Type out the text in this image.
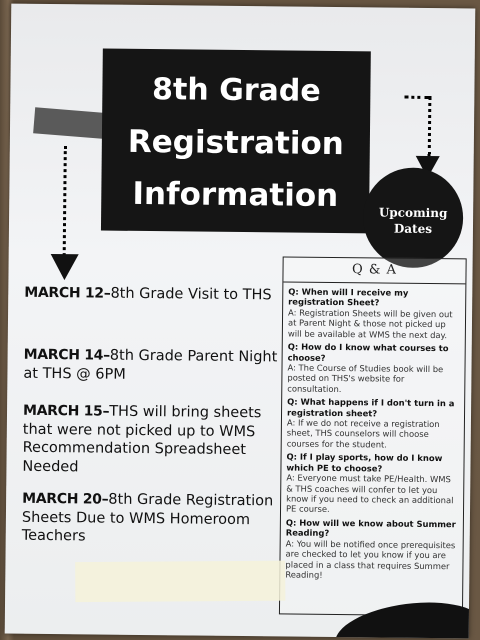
8th Grade
Registration
Information	Upcoming
Dates
MARCH 12–8th Grade Visit to THS
MARCH 14–8th Grade Parent Night at THS @ 6PM
MARCH 15–THS will bring sheets that were not picked up to WMS Recommendation Spreadsheet Needed
MARCH 20–8th Grade Registration Sheets Due to WMS Homeroom Teachers
Q & A
Q: When will I receive my registration Sheet?
A: Registration Sheets will be given out at Parent Night & those not picked up will be available at WMS the next day.
Q: How do I know what courses to choose?
A: The Course of Studies book will be posted on THS's website for consultation.
Q: What happens if I don't turn in a registration sheet?
A: If we do not receive a registration sheet, THS counselors will choose courses for the student.
Q: If I play sports, how do I know which PE to choose?
A: Everyone must take PE/Health. WMS & THS coaches will confer to let you know if you need to check an additional PE course.
Q: How will we know about Summer Reading?
A: You will be notified once prerequisites are checked to let you know if you are placed in a class that requires Summer Reading!
